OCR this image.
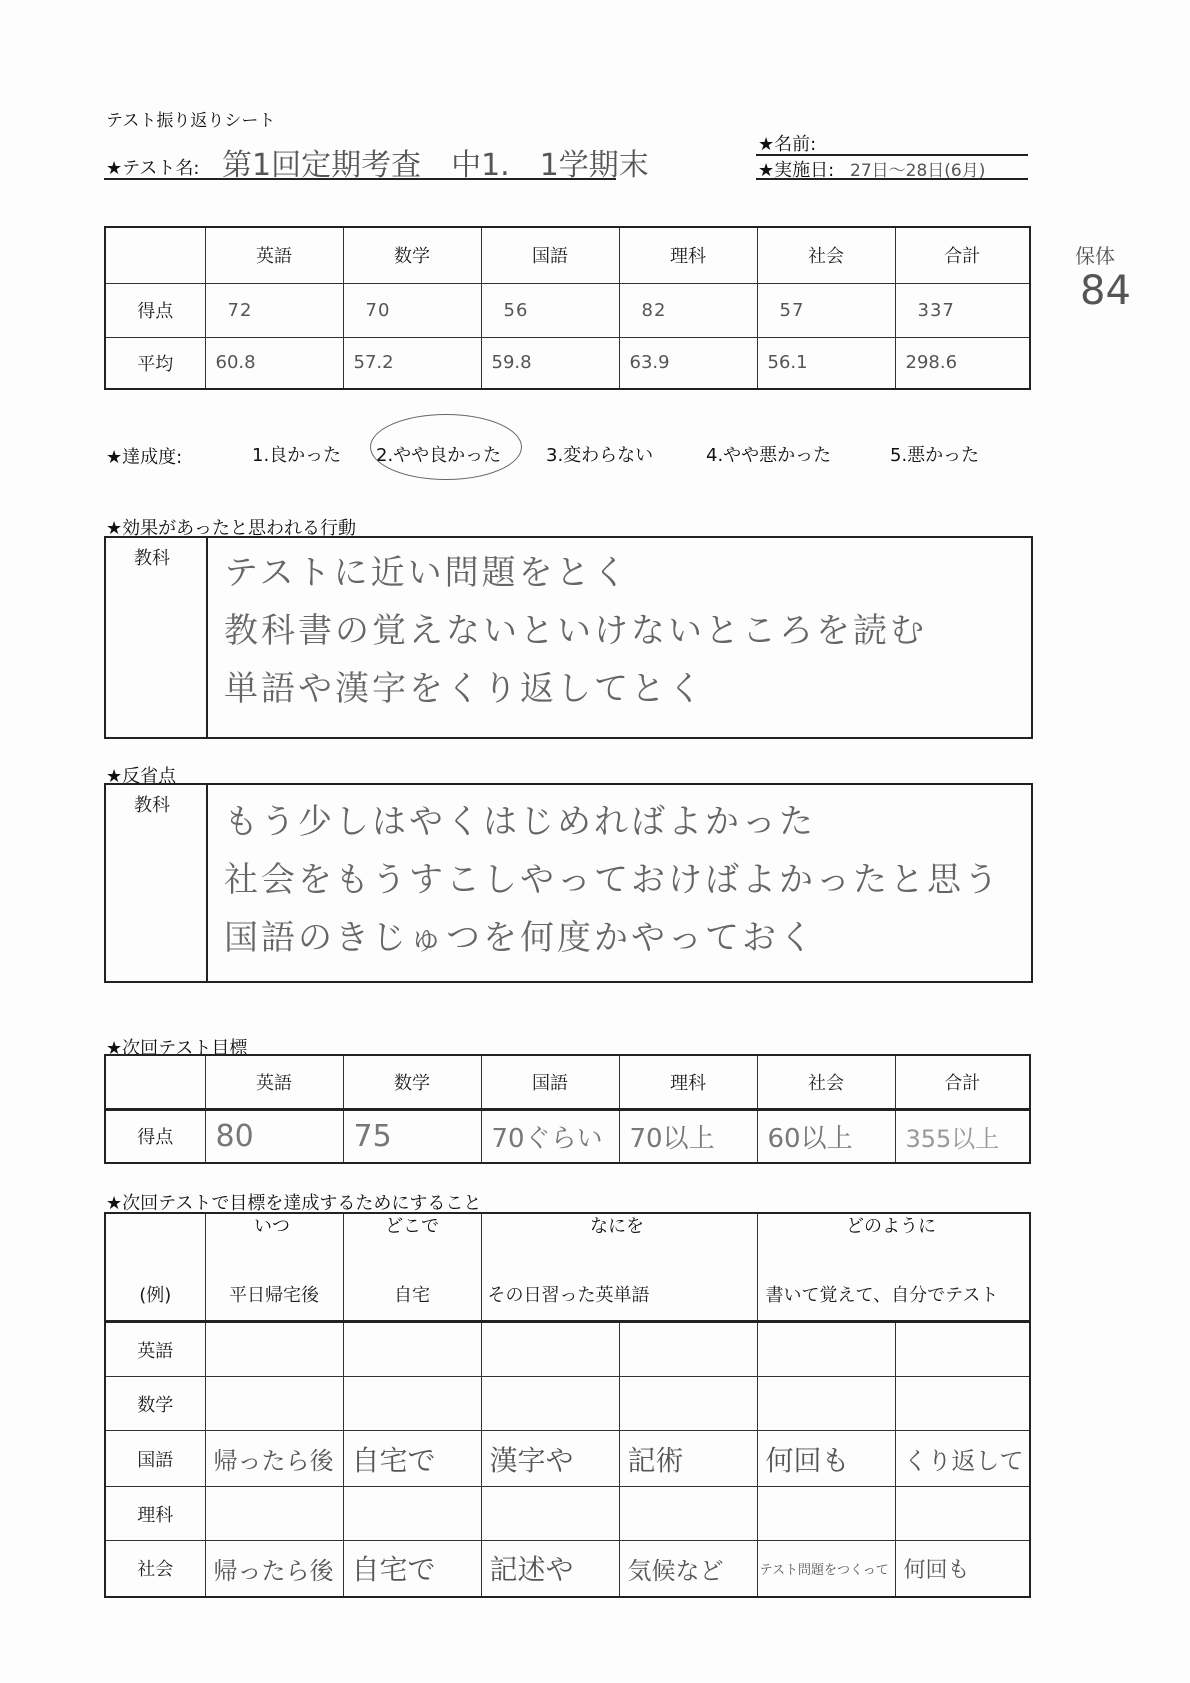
テスト振り返りシート
★テスト名: 第1回定期考査　中1.　1学期末
★名前:
★実施日: 27日〜28日(6月)
	英語	数学	国語	理科	社会	合計
得点	72	70	56	82	57	337
平均	60.8	57.2	59.8	63.9	56.1	298.6
保体
84
★達成度:	1.良かった 2.やや良かった 3.変わらない	4.やや悪かった	5.悪かった
★効果があったと思われる行動
教科 テストに近い問題をとく
教科書の覚えないといけないところを読む
単語や漢字をくり返してとく
★反省点
教科 もう少しはやくはじめればよかった
社会をもうすこしやっておけばよかったと思う
国語のきじゅつを何度かやっておく
★次回テスト目標
	英語	数学	国語	理科	社会	合計
得点	80	75	70ぐらい	70以上	60以上	355以上
★次回テストで目標を達成するためにすること
いつ	どこで	なにを	どのように

(例)	平日帰宅後	自宅	その日習った英単語		書いて覚えて、自分でテスト	
英語						
数学						
国語	帰ったら後	自宅で	漢字や	記術	何回も	くり返して
理科						
社会	帰ったら後	自宅で	記述や	気候など	テスト問題をつくって	何回も
